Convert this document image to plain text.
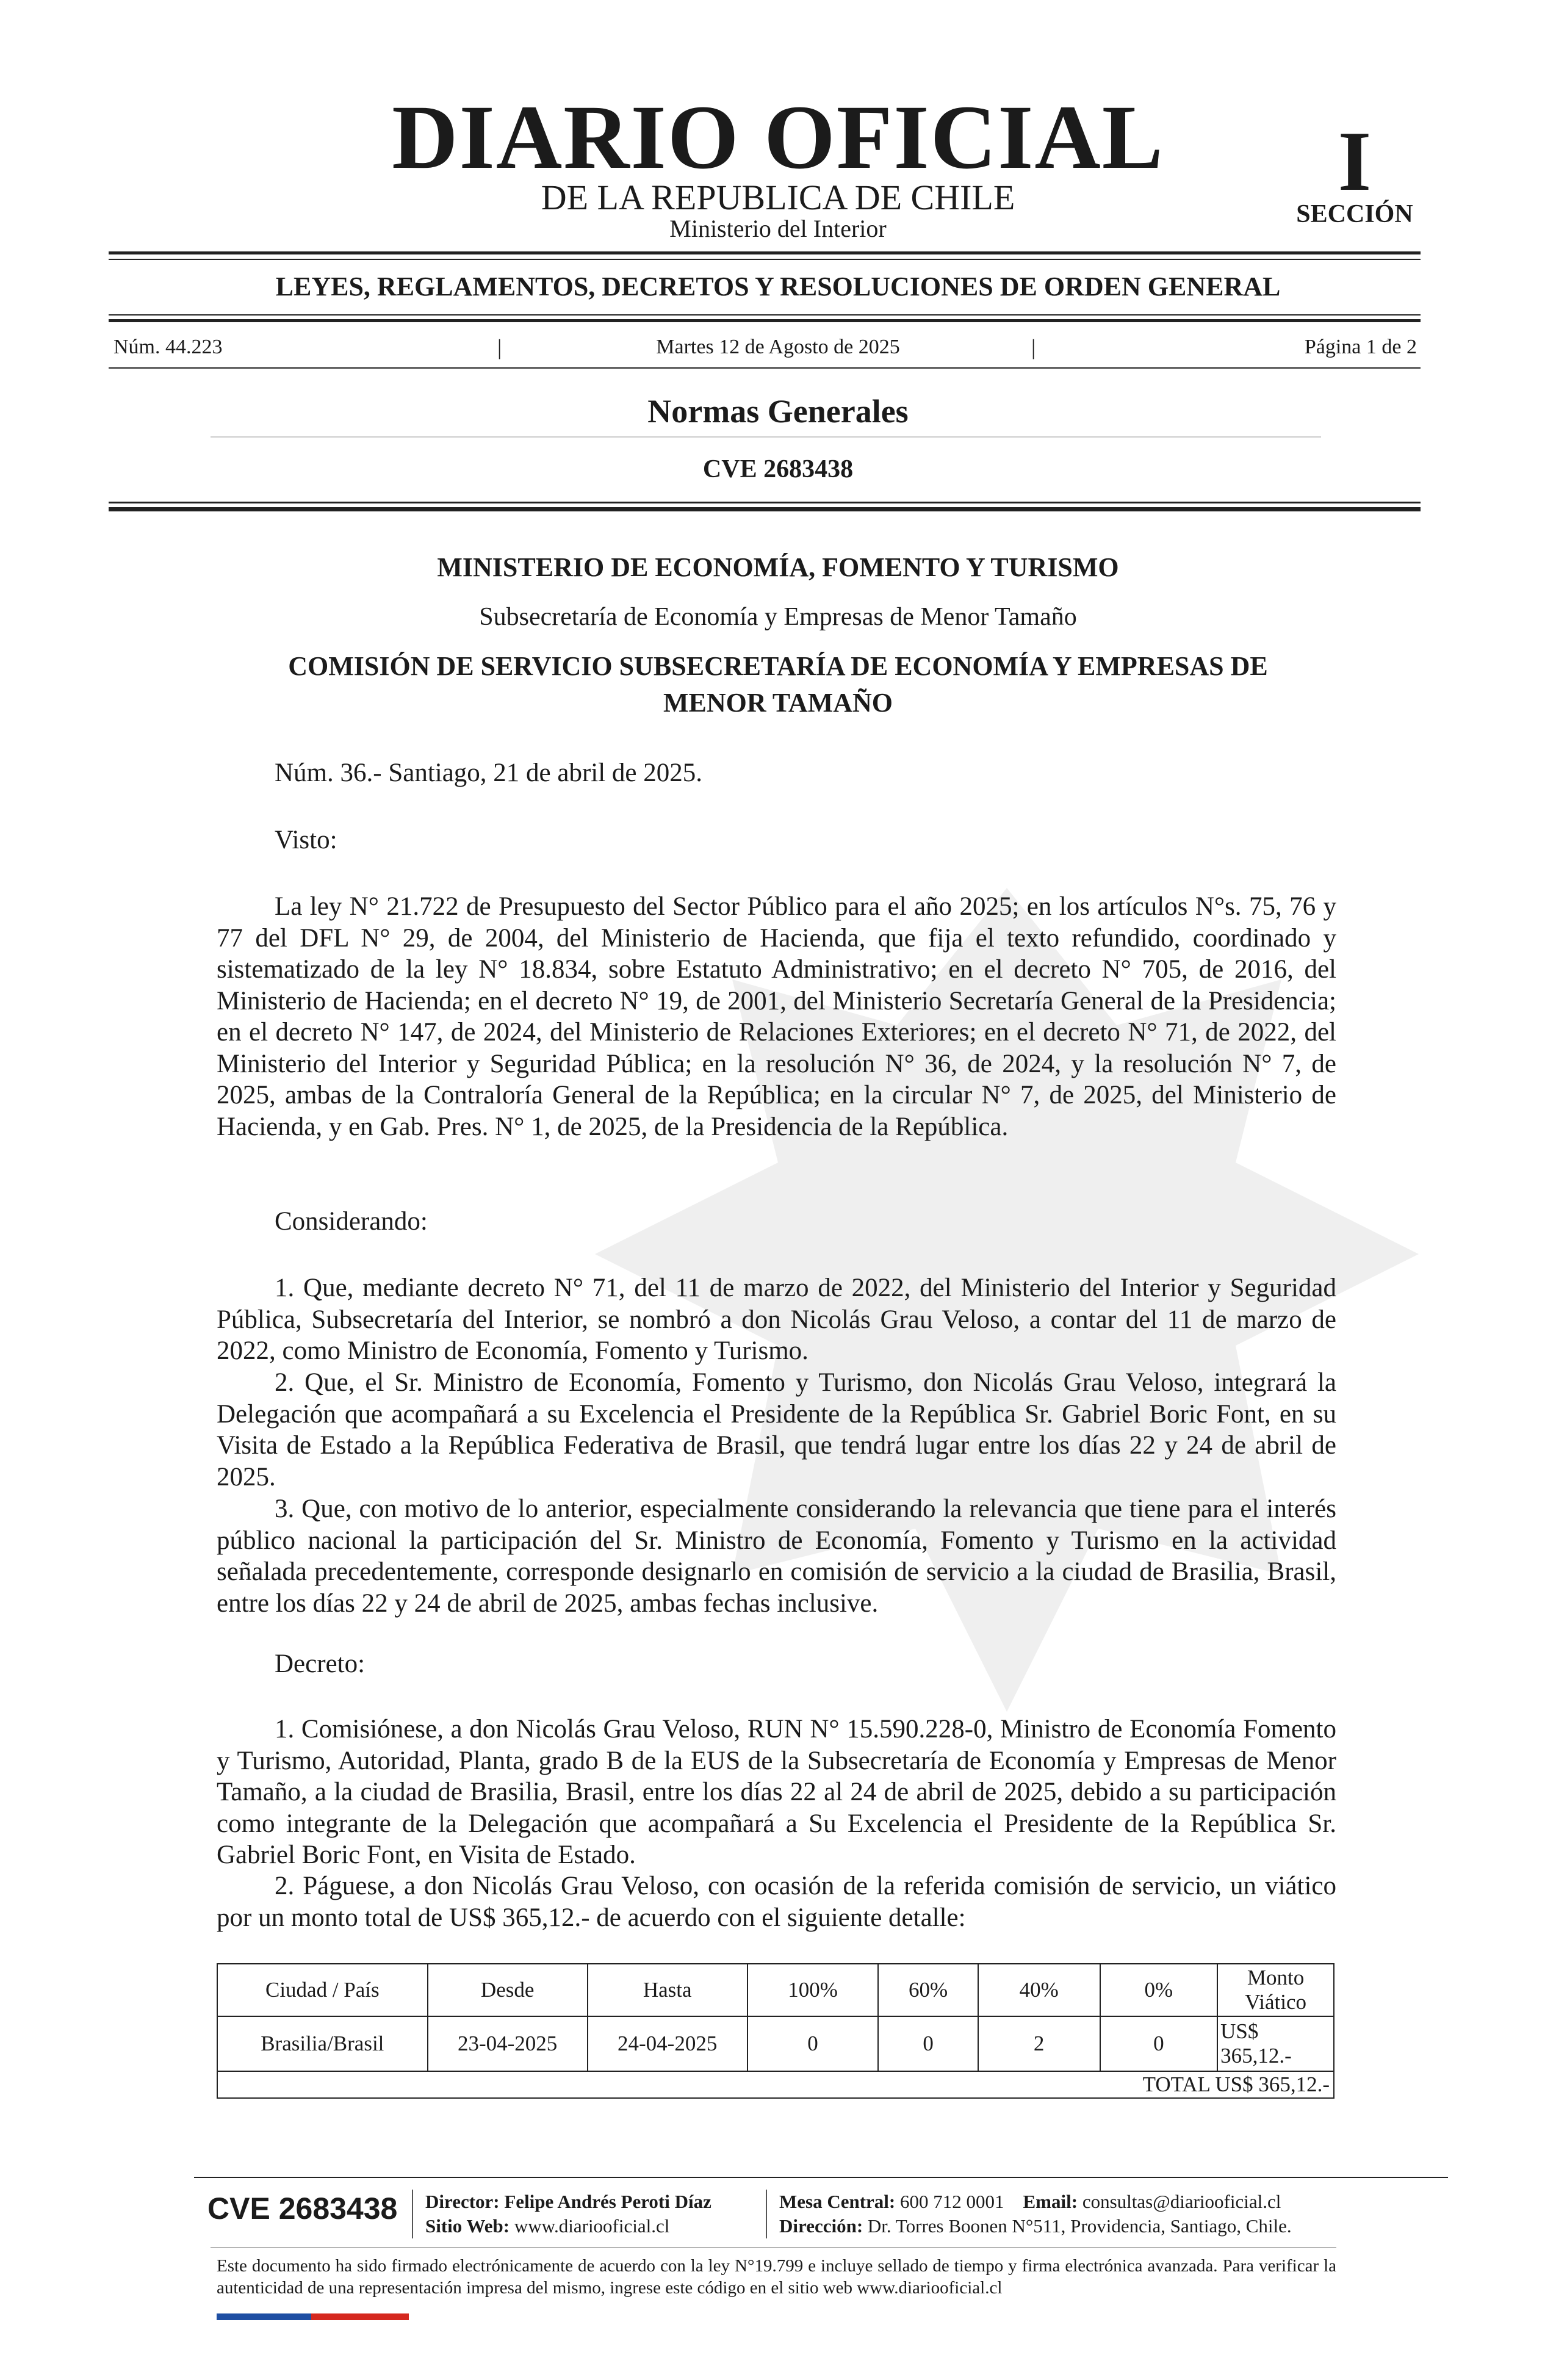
DIARIO OFICIAL
DE LA REPUBLICA DE CHILE
Ministerio del Interior
I
SECCIÓN
LEYES, REGLAMENTOS, DECRETOS Y RESOLUCIONES DE ORDEN GENERAL
Núm. 44.223	|	Martes 12 de Agosto de 2025	|	Página 1 de 2
Normas Generales
CVE 2683438
MINISTERIO DE ECONOMÍA, FOMENTO Y TURISMO
Subsecretaría de Economía y Empresas de Menor Tamaño
COMISIÓN DE SERVICIO SUBSECRETARÍA DE ECONOMÍA Y EMPRESAS DE
MENOR TAMAÑO
Núm. 36.- Santiago, 21 de abril de 2025.
Visto:
La ley N° 21.722 de Presupuesto del Sector Público para el año 2025; en los artículos N°s. 75, 76 y 77 del DFL N° 29, de 2004, del Ministerio de Hacienda, que fija el texto refundido, coordinado y sistematizado de la ley N° 18.834, sobre Estatuto Administrativo; en el decreto N° 705, de 2016, del Ministerio de Hacienda; en el decreto N° 19, de 2001, del Ministerio Secretaría General de la Presidencia; en el decreto N° 147, de 2024, del Ministerio de Relaciones Exteriores; en el decreto N° 71, de 2022, del Ministerio del Interior y Seguridad Pública; en la resolución N° 36, de 2024, y la resolución N° 7, de 2025, ambas de la Contraloría General de la República; en la circular N° 7, de 2025, del Ministerio de Hacienda, y en Gab. Pres. N° 1, de 2025, de la Presidencia de la República.
Considerando:
1. Que, mediante decreto N° 71, del 11 de marzo de 2022, del Ministerio del Interior y Seguridad Pública, Subsecretaría del Interior, se nombró a don Nicolás Grau Veloso, a contar del 11 de marzo de 2022, como Ministro de Economía, Fomento y Turismo.
2. Que, el Sr. Ministro de Economía, Fomento y Turismo, don Nicolás Grau Veloso, integrará la Delegación que acompañará a su Excelencia el Presidente de la República Sr. Gabriel Boric Font, en su Visita de Estado a la República Federativa de Brasil, que tendrá lugar entre los días 22 y 24 de abril de 2025.
3. Que, con motivo de lo anterior, especialmente considerando la relevancia que tiene para el interés público nacional la participación del Sr. Ministro de Economía, Fomento y Turismo en la actividad señalada precedentemente, corresponde designarlo en comisión de servicio a la ciudad de Brasilia, Brasil, entre los días 22 y 24 de abril de 2025, ambas fechas inclusive.
Decreto:
1. Comisiónese, a don Nicolás Grau Veloso, RUN N° 15.590.228-0, Ministro de Economía Fomento y Turismo, Autoridad, Planta, grado B de la EUS de la Subsecretaría de Economía y Empresas de Menor Tamaño, a la ciudad de Brasilia, Brasil, entre los días 22 al 24 de abril de 2025, debido a su participación como integrante de la Delegación que acompañará a Su Excelencia el Presidente de la República Sr. Gabriel Boric Font, en Visita de Estado.
2. Páguese, a don Nicolás Grau Veloso, con ocasión de la referida comisión de servicio, un viático por un monto total de US$ 365,12.- de acuerdo con el siguiente detalle:
Ciudad / País	Desde	Hasta	100%	60%	40%	0%	Monto Viático
Brasilia/Brasil	23-04-2025	24-04-2025	0	0	2	0	US$ 365,12.-
TOTAL US$ 365,12.-							
CVE 2683438 Director: Felipe Andrés Peroti Díaz
Sitio Web: www.diariooficial.cl
Mesa Central: 600 712 0001 Email: consultas@diariooficial.cl
Dirección: Dr. Torres Boonen N°511, Providencia, Santiago, Chile.
Este documento ha sido firmado electrónicamente de acuerdo con la ley N°19.799 e incluye sellado de tiempo y firma electrónica avanzada. Para verificar la autenticidad de una representación impresa del mismo, ingrese este código en el sitio web www.diariooficial.cl
